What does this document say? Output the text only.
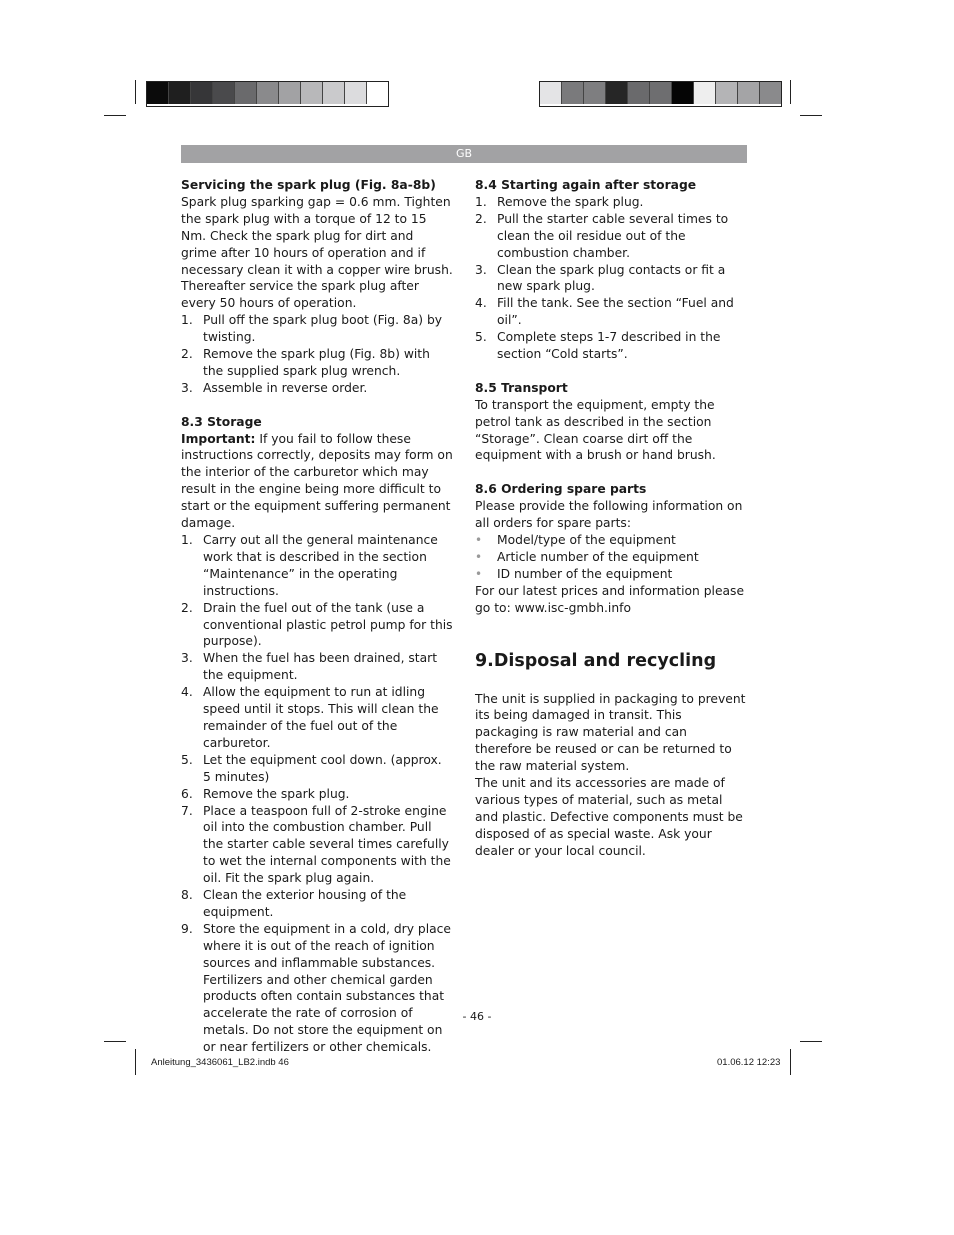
GB

Servicing the spark plug (Fig. 8a-8b)

Spark plug sparking gap = 0.6 mm. Tighten the spark plug with a torque of 12 to 15 Nm. Check the spark plug for dirt and grime after 10 hours of operation and if necessary clean it with a copper wire brush. Thereafter service the spark plug after every 50 hours of operation.

1. Pull off the spark plug boot (Fig. 8a) by twisting.
2. Remove the spark plug (Fig. 8b) with the supplied spark plug wrench.
3. Assemble in reverse order.

8.3 Storage

Important: If you fail to follow these instructions correctly, deposits may form on the interior of the carburetor which may result in the engine being more difficult to start or the equipment suffering permanent damage.

1. Carry out all the general maintenance work that is described in the section “Maintenance” in the operating instructions.
2. Drain the fuel out of the tank (use a conventional plastic petrol pump for this purpose).
3. When the fuel has been drained, start the equipment.
4. Allow the equipment to run at idling speed until it stops. This will clean the remainder of the fuel out of the carburetor.
5. Let the equipment cool down. (approx. 5 minutes)
6. Remove the spark plug.
7. Place a teaspoon full of 2-stroke engine oil into the combustion chamber. Pull the starter cable several times carefully to wet the internal components with the oil. Fit the spark plug again.
8. Clean the exterior housing of the equipment.
9. Store the equipment in a cold, dry place where it is out of the reach of ignition sources and inflammable substances. Fertilizers and other chemical garden products often contain substances that accelerate the rate of corrosion of metals. Do not store the equipment on or near fertilizers or other chemicals.

8.4 Starting again after storage

1. Remove the spark plug.
2. Pull the starter cable several times to clean the oil residue out of the combustion chamber.
3. Clean the spark plug contacts or fit a new spark plug.
4. Fill the tank. See the section “Fuel and oil”.
5. Complete steps 1-7 described in the section “Cold starts”.

8.5 Transport

To transport the equipment, empty the petrol tank as described in the section “Storage”. Clean coarse dirt off the equipment with a brush or hand brush.

8.6 Ordering spare parts

Please provide the following information on all orders for spare parts:

•	Model/type of the equipment
•	Article number of the equipment
•	ID number of the equipment

For our latest prices and information please go to: www.isc-gmbh.info

9.Disposal and recycling

The unit is supplied in packaging to prevent its being damaged in transit. This packaging is raw material and can therefore be reused or can be returned to the raw material system.

The unit and its accessories are made of various types of material, such as metal and plastic. Defective components must be disposed of as special waste. Ask your dealer or your local council.

- 46 -
Anleitung_3436061_LB2.indb 46	01.06.12 12:23
